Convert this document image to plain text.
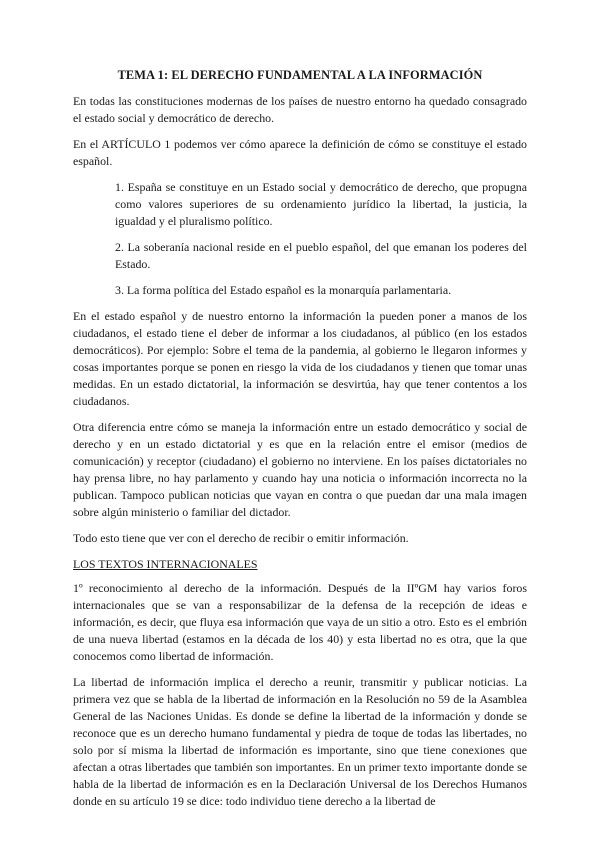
TEMA 1: EL DERECHO FUNDAMENTAL A LA INFORMACIÓN

En todas las constituciones modernas de los países de nuestro entorno ha quedado consagrado el estado social y democrático de derecho.

En el ARTÍCULO 1 podemos ver cómo aparece la definición de cómo se constituye el estado español.

1. España se constituye en un Estado social y democrático de derecho, que propugna como valores superiores de su ordenamiento jurídico la libertad, la justicia, la igualdad y el pluralismo político.
2. La soberanía nacional reside en el pueblo español, del que emanan los poderes del Estado.
3. La forma política del Estado español es la monarquía parlamentaria.

En el estado español y de nuestro entorno la información la pueden poner a manos de los ciudadanos, el estado tiene el deber de informar a los ciudadanos, al público (en los estados democráticos). Por ejemplo: Sobre el tema de la pandemia, al gobierno le llegaron informes y cosas importantes porque se ponen en riesgo la vida de los ciudadanos y tienen que tomar unas medidas. En un estado dictatorial, la información se desvirtúa, hay que tener contentos a los ciudadanos.

Otra diferencia entre cómo se maneja la información entre un estado democrático y social de derecho y en un estado dictatorial y es que en la relación entre el emisor (medios de comunicación) y receptor (ciudadano) el gobierno no interviene. En los países dictatoriales no hay prensa libre, no hay parlamento y cuando hay una noticia o información incorrecta no la publican. Tampoco publican noticias que vayan en contra o que puedan dar una mala imagen sobre algún ministerio o familiar del dictador.

Todo esto tiene que ver con el derecho de recibir o emitir información.

LOS TEXTOS INTERNACIONALES

1º reconocimiento al derecho de la información. Después de la IIºGM hay varios foros internacionales que se van a responsabilizar de la defensa de la recepción de ideas e información, es decir, que fluya esa información que vaya de un sitio a otro. Esto es el embrión de una nueva libertad (estamos en la década de los 40) y esta libertad no es otra, que la que conocemos como libertad de información.

La libertad de información implica el derecho a reunir, transmitir y publicar noticias. La primera vez que se habla de la libertad de información en la Resolución no 59 de la Asamblea General de las Naciones Unidas. Es donde se define la libertad de la información y donde se reconoce que es un derecho humano fundamental y piedra de toque de todas las libertades, no solo por sí misma la libertad de información es importante, sino que tiene conexiones que afectan a otras libertades que también son importantes. En un primer texto importante donde se habla de la libertad de información es en la Declaración Universal de los Derechos Humanos donde en su artículo 19 se dice: todo individuo tiene derecho a la libertad de
